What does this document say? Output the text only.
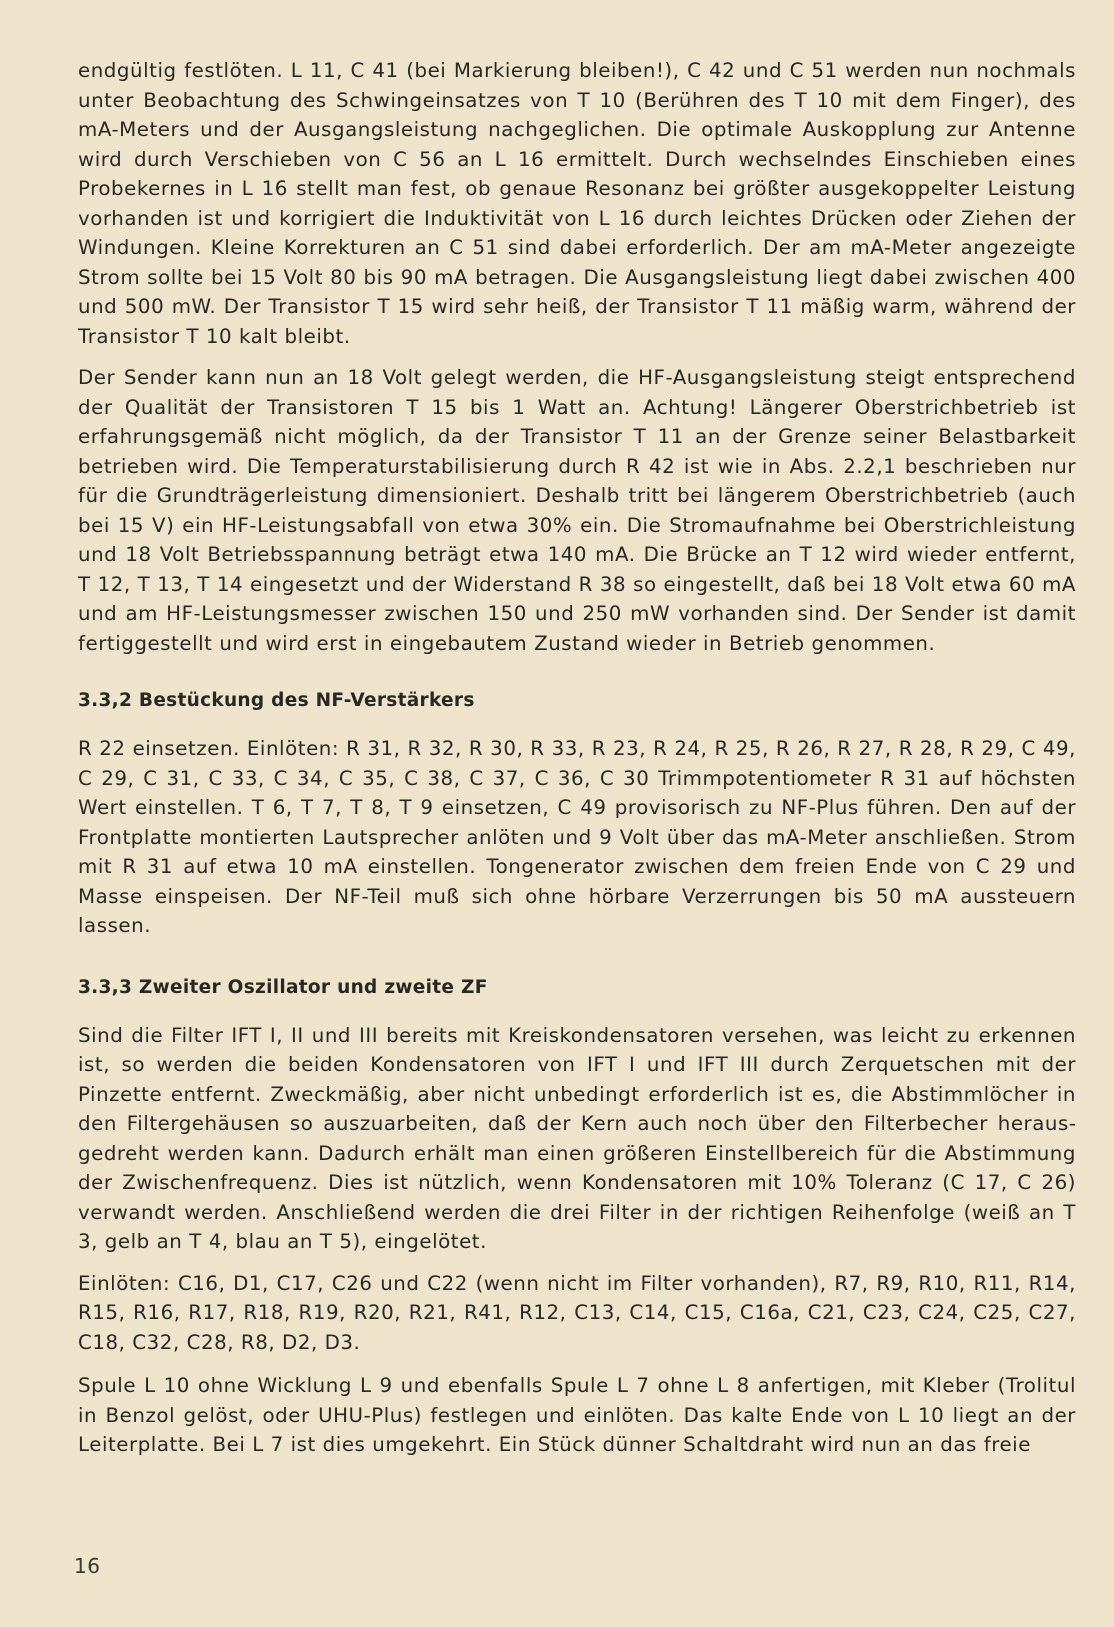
endgültig festlöten. L 11, C 41 (bei Markierung bleiben!), C 42 und C 51 werden nun nochmals unter Beobachtung des Schwingeinsatzes von T 10 (Berühren des T 10 mit dem Finger), des mA-Meters und der Ausgangsleistung nachgeglichen. Die optimale Auskopplung zur Antenne wird durch Verschieben von C 56 an L 16 ermittelt. Durch wechselndes Einschieben eines Probekernes in L 16 stellt man fest, ob genaue Resonanz bei größter ausgekoppelter Leistung vorhanden ist und korrigiert die Induktivität von L 16 durch leichtes Drücken oder Ziehen der Windungen. Kleine Korrekturen an C 51 sind dabei erforderlich. Der am mA-Meter angezeigte Strom sollte bei 15 Volt 80 bis 90 mA betragen. Die Ausgangsleistung liegt dabei zwischen 400 und 500 mW. Der Transistor T 15 wird sehr heiß, der Transistor T 11 mäßig warm, während der Transistor T 10 kalt bleibt.

Der Sender kann nun an 18 Volt gelegt werden, die HF-Ausgangsleistung steigt entsprechend der Qualität der Transistoren T 15 bis 1 Watt an. Achtung! Längerer Oberstrichbetrieb ist erfahrungsgemäß nicht möglich, da der Transistor T 11 an der Grenze seiner Belastbarkeit betrieben wird. Die Temperaturstabilisierung durch R 42 ist wie in Abs. 2.2,1 beschrieben nur für die Grundträgerleistung dimensioniert. Deshalb tritt bei längerem Oberstrichbetrieb (auch bei 15 V) ein HF-Leistungsabfall von etwa 30% ein. Die Stromaufnahme bei Oberstrichleistung und 18 Volt Betriebsspannung beträgt etwa 140 mA. Die Brücke an T 12 wird wieder entfernt, T 12, T 13, T 14 eingesetzt und der Widerstand R 38 so eingestellt, daß bei 18 Volt etwa 60 mA und am HF-Leistungsmesser zwischen 150 und 250 mW vorhanden sind. Der Sender ist damit fertiggestellt und wird erst in eingebautem Zustand wieder in Betrieb genommen.

3.3,2 Bestückung des NF-Verstärkers

R 22 einsetzen. Einlöten: R 31, R 32, R 30, R 33, R 23, R 24, R 25, R 26, R 27, R 28, R 29, C 49, C 29, C 31, C 33, C 34, C 35, C 38, C 37, C 36, C 30 Trimmpotentiometer R 31 auf höchsten Wert einstellen. T 6, T 7, T 8, T 9 einsetzen, C 49 provisorisch zu NF-Plus führen. Den auf der Frontplatte montierten Lautsprecher anlöten und 9 Volt über das mA-Meter anschließen. Strom mit R 31 auf etwa 10 mA einstellen. Tongenerator zwischen dem freien Ende von C 29 und Masse einspeisen. Der NF-Teil muß sich ohne hörbare Verzerrungen bis 50 mA aussteuern lassen.

3.3,3 Zweiter Oszillator und zweite ZF

Sind die Filter IFT I, II und III bereits mit Kreiskondensatoren versehen, was leicht zu erkennen ist, so werden die beiden Kondensatoren von IFT I und IFT III durch Zerquetschen mit der Pinzette entfernt. Zweckmäßig, aber nicht unbedingt erforderlich ist es, die Abstimmlöcher in den Filtergehäusen so auszuarbeiten, daß der Kern auch noch über den Filterbecher herausgedreht werden kann. Dadurch erhält man einen größeren Einstellbereich für die Abstimmung der Zwischenfrequenz. Dies ist nützlich, wenn Kondensatoren mit 10% Toleranz (C 17, C 26) verwandt werden. Anschließend werden die drei Filter in der richtigen Reihenfolge (weiß an T 3, gelb an T 4, blau an T 5), eingelötet.

Einlöten: C16, D1, C17, C26 und C22 (wenn nicht im Filter vorhanden), R7, R9, R10, R11, R14, R15, R16, R17, R18, R19, R20, R21, R41, R12, C13, C14, C15, C16a, C21, C23, C24, C25, C27, C18, C32, C28, R8, D2, D3.

Spule L 10 ohne Wicklung L 9 und ebenfalls Spule L 7 ohne L 8 anfertigen, mit Kleber (Trolitul in Benzol gelöst, oder UHU-Plus) festlegen und einlöten. Das kalte Ende von L 10 liegt an der Leiterplatte. Bei L 7 ist dies umgekehrt. Ein Stück dünner Schaltdraht wird nun an das freie

16
